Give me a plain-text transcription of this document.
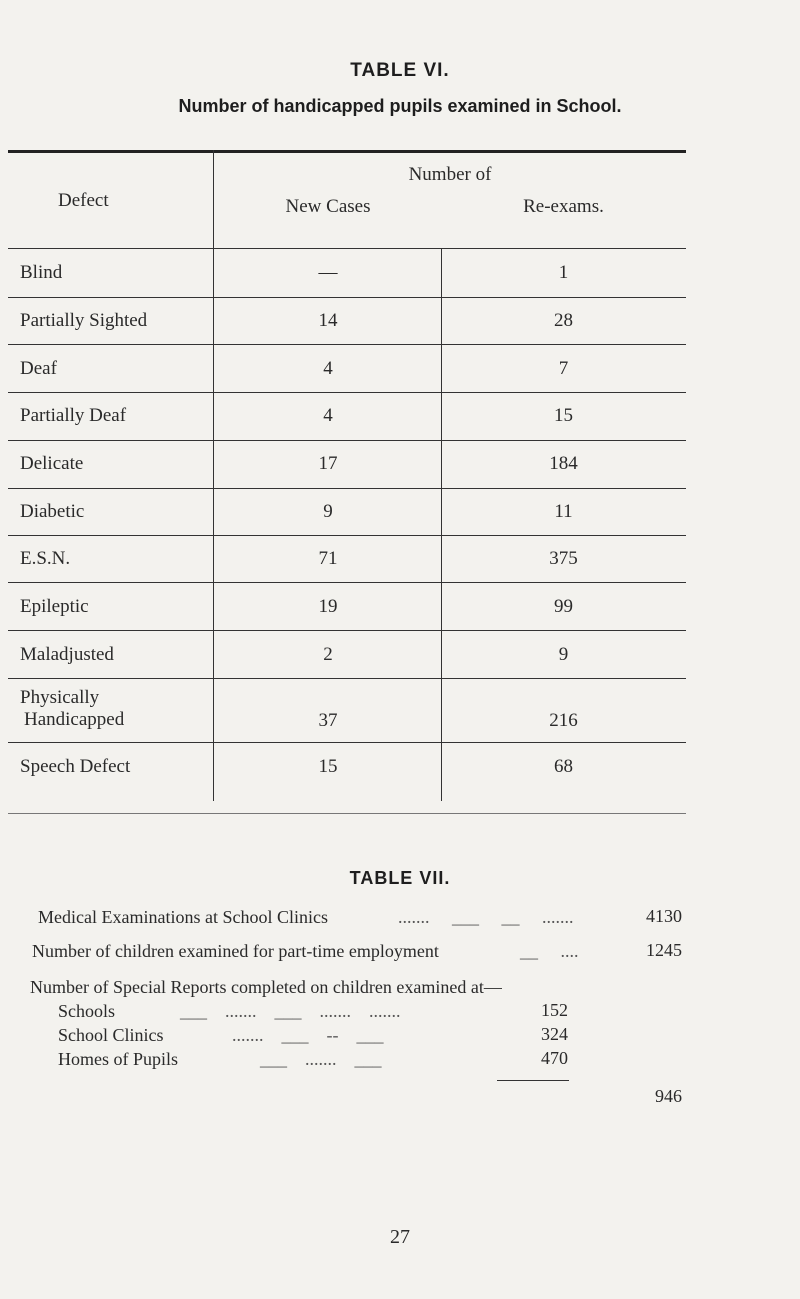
TABLE VI.
Number of handicapped pupils examined in School.
Defect
Number of
New Cases	Re-exams.
Blind	—	1
Partially Sighted	14	28
Deaf	4	7
Partially Deaf	4	15
Delicate	17	184
Diabetic	9	11
E.S.N.	71	375
Epileptic	19	99
Maladjusted	2	9
Physically
Handicapped	37	216
Speech Defect	15	68
TABLE VII.
Medical Examinations at School Clinics	.......     ___     __     .......	4130
Number of children examined for part-time employment	__     ....	1245
Number of Special Reports completed on children examined at—
Schools	___    .......    ___    .......    .......	152
School Clinics	.......    ___    --    ___	324
Homes of Pupils	___    .......    ___	470
946
27
